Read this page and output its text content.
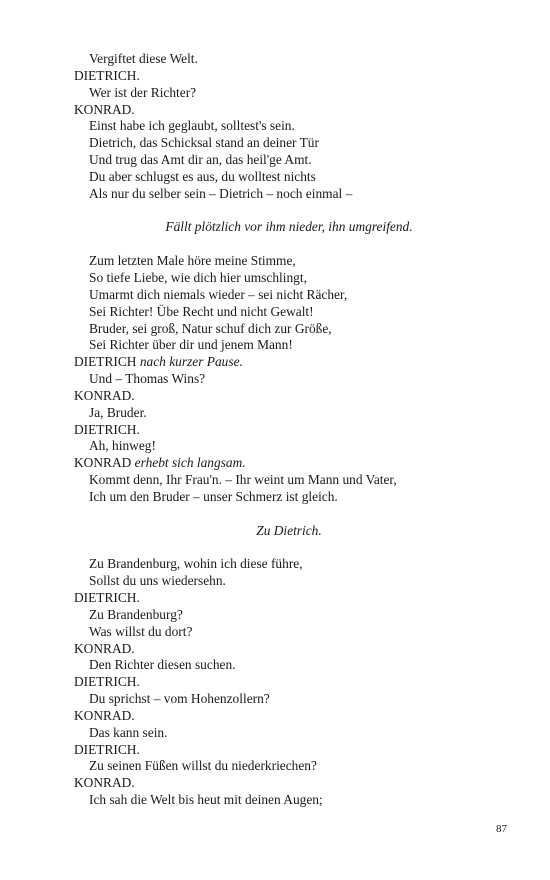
Vergiftet diese Welt.
DIETRICH.
Wer ist der Richter?
KONRAD.
Einst habe ich geglaubt, solltest's sein.
Dietrich, das Schicksal stand an deiner Tür
Und trug das Amt dir an, das heil'ge Amt.
Du aber schlugst es aus, du wolltest nichts
Als nur du selber sein – Dietrich – noch einmal –
Fällt plötzlich vor ihm nieder, ihn umgreifend.
Zum letzten Male höre meine Stimme,
So tiefe Liebe, wie dich hier umschlingt,
Umarmt dich niemals wieder – sei nicht Rächer,
Sei Richter! Übe Recht und nicht Gewalt!
Bruder, sei groß, Natur schuf dich zur Größe,
Sei Richter über dir und jenem Mann!
DIETRICH nach kurzer Pause.
Und – Thomas Wins?
KONRAD.
Ja, Bruder.
DIETRICH.
Ah, hinweg!
KONRAD erhebt sich langsam.
Kommt denn, Ihr Frau'n. – Ihr weint um Mann und Vater,
Ich um den Bruder – unser Schmerz ist gleich.
Zu Dietrich.
Zu Brandenburg, wohin ich diese führe,
Sollst du uns wiedersehn.
DIETRICH.
Zu Brandenburg?
Was willst du dort?
KONRAD.
Den Richter diesen suchen.
DIETRICH.
Du sprichst – vom Hohenzollern?
KONRAD.
Das kann sein.
DIETRICH.
Zu seinen Füßen willst du niederkriechen?
KONRAD.
Ich sah die Welt bis heut mit deinen Augen;
87
